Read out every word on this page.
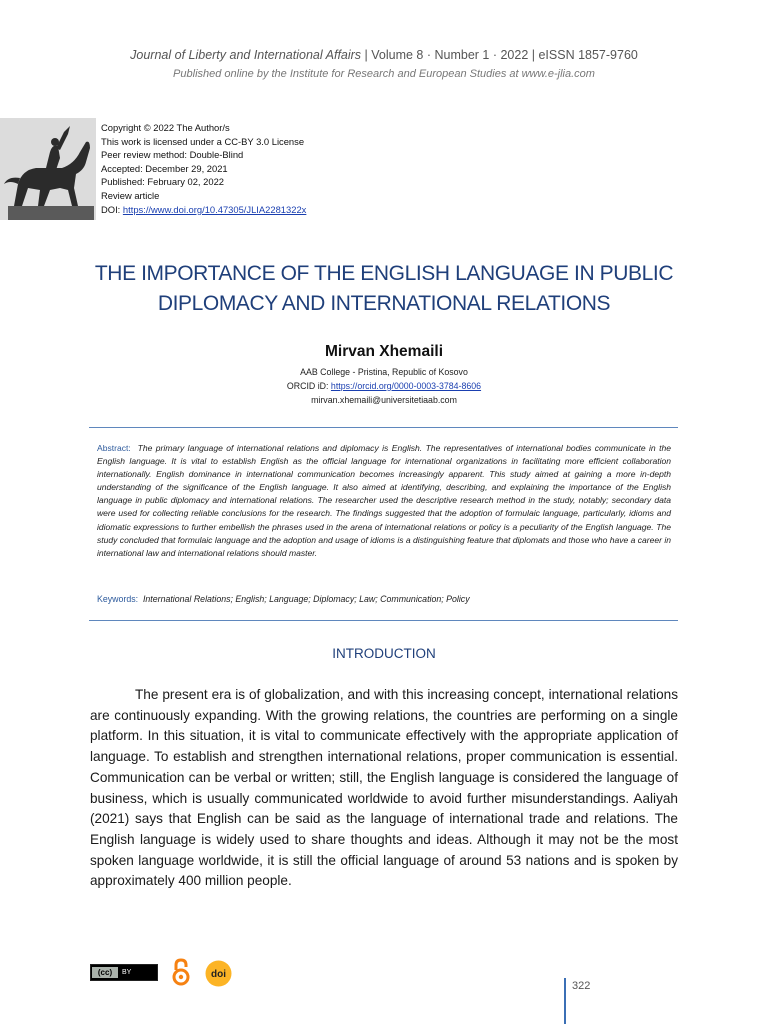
Journal of Liberty and International Affairs | Volume 8 · Number 1 · 2022 | eISSN 1857-9760
Published online by the Institute for Research and European Studies at www.e-jlia.com
Copyright © 2022 The Author/s
This work is licensed under a CC-BY 3.0 License
Peer review method: Double-Blind
Accepted: December 29, 2021
Published: February 02, 2022
Review article
DOI: https://www.doi.org/10.47305/JLIA2281322x
THE IMPORTANCE OF THE ENGLISH LANGUAGE IN PUBLIC
DIPLOMACY AND INTERNATIONAL RELATIONS
Mirvan Xhemaili
AAB College - Pristina, Republic of Kosovo
ORCID iD: https://orcid.org/0000-0003-3784-8606
mirvan.xhemaili@universitetiaab.com
Abstract: The primary language of international relations and diplomacy is English. The representatives of international bodies communicate in the English language. It is vital to establish English as the official language for international organizations in facilitating more efficient collaboration internationally. English dominance in international communication becomes increasingly apparent. This study aimed at gaining a more in-depth understanding of the significance of the English language. It also aimed at identifying, describing, and explaining the importance of the English language in public diplomacy and international relations. The researcher used the descriptive research method in the study, notably; secondary data were used for collecting reliable conclusions for the research. The findings suggested that the adoption of formulaic language, particularly, idioms and idiomatic expressions to further embellish the phrases used in the arena of international relations or policy is a peculiarity of the English language. The study concluded that formulaic language and the adoption and usage of idioms is a distinguishing feature that diplomats and those who have a career in international law and international relations should master.
Keywords: International Relations; English; Language; Diplomacy; Law; Communication; Policy
INTRODUCTION
The present era is of globalization, and with this increasing concept, international relations are continuously expanding. With the growing relations, the countries are performing on a single platform. In this situation, it is vital to communicate effectively with the appropriate application of language. To establish and strengthen international relations, proper communication is essential. Communication can be verbal or written; still, the English language is considered the language of business, which is usually communicated worldwide to avoid further misunderstandings. Aaliyah (2021) says that English can be said as the language of international trade and relations. The English language is widely used to share thoughts and ideas. Although it may not be the most spoken language worldwide, it is still the official language of around 53 nations and is spoken by approximately 400 million people.
(cc)	BY	doi
322
